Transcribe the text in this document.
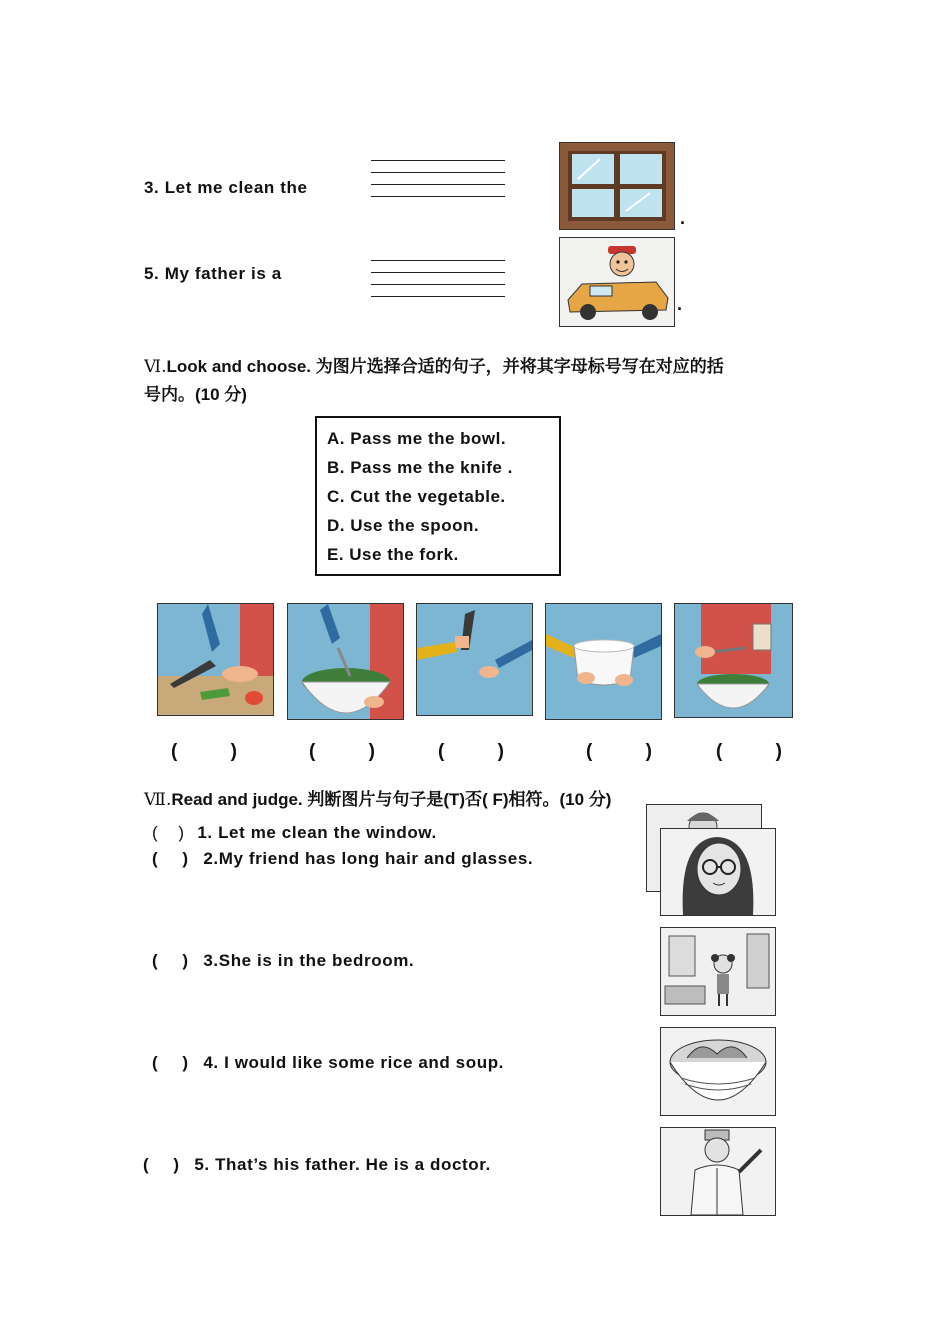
3. Let me clean the
.
5. My father is a
.
Ⅵ.Look and choose. 为图片选择合适的句子，并将其字母标号写在对应的括
号内。(10 分)
A. Pass me the bowl.
B. Pass me the knife .
C. Cut the vegetable.
D. Use the spoon.
E. Use the fork.
( )	( ) ( )	( ) ( )
Ⅶ.Read and judge. 判断图片与句子是(T)否( F)相符。(10 分)
( ) 1. Let me clean the window.
( ) 2.My friend has long hair and glasses.
( ) 3.She is in the bedroom.
( ) 4. I would like some rice and soup.
( ) 5. That’s his father. He is a doctor.
